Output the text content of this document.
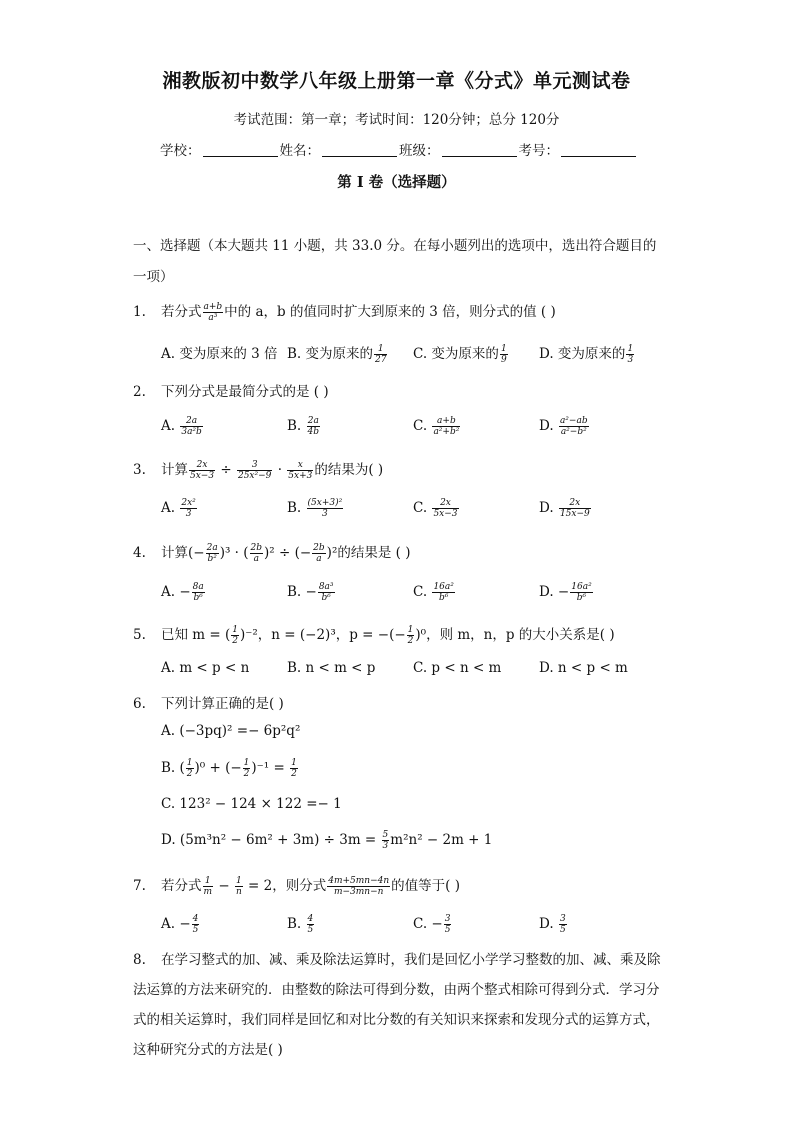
湘教版初中数学八年级上册第一章《分式》单元测试卷
考试范围：第一章；考试时间：120分钟；总分 120分
学校：	姓名：	班级：	考号：
第 I 卷（选择题）
一、选择题（本大题共 11 小题，共 33.0 分。在每小题列出的选项中，选出符合题目的一项）
1. 若分式 $\frac{a+b}{\text{a³}}$ 中的 a，b 的值同时扩大到原来的 3 倍，则分式的值 ( )
A. 变为原来的 3 倍 B. 变为原来的 $\frac{1}{27} C$. 变为原来的 $\frac{1}{9} D$. 变为原来的 $\frac{1}{3}$
2. 下列分式是最简分式的是 ( )
A. $\frac{2a}{\text{3a²b}}$	B. $\frac{2a}{4b}$	C. $\frac{a+b}{\text{a²+b²}}$	D. $\frac{\text{a²−ab}}{\text{a²−b²}}$
3. 计算 $\frac{2x}{5x-3} \div \frac{3}{\text{25x²−9}} \cdot \frac{x}{5x+3}$ 的结果为( )
A. $\frac{\text{2x²}}{3}$	B. $\frac{\text{(5x+3)²}}{3}$	C. $\frac{2x}{5x-3}$	D. $\frac{2x}{15x-9}$
4. 计算(− $\frac{2a}{\text{b²}} )^3$ · ( $\frac{2b}{a} )^2$ ÷ (− $\frac{2b}{a} )^2$的结果是 ( )
A. − $\frac{8a}{\text{b⁶}}$	B. − $\frac{\text{8a³}}{\text{b⁶}}$	C. $\frac{\text{16a²}}{\text{b⁶}}$	D. − $\frac{\text{16a²}}{\text{b⁶}}$
5. 已知 m = ( $\frac{1}{2} )^{-2}$，n = (−2)³，p = −(− $\frac{1}{2} )^0$，则 m，n，p 的大小关系是( )
A. m < p < n	B. n < m < p	C. p < n < m	D. n < p < m
6. 下列计算正确的是( )
A. (−3pq)² =− 6p²q²
B. ( $\frac{1}{2} )^0$ + (− $\frac{1}{2} )^{-1} = \frac{1}{2}$
C. 123² − 124 × 122 =− 1
D. $(5m^3n^2 - 6m^2 + 3m) \div 3m = \frac{5}{3} m^2n^2 - 2m + 1$
7. 若分式 $\frac{1}{m} - \frac{1}{n} = 2$，则分式 $\frac{4m+5mn-4n}{m-3mn-n}$ 的值等于( )
A. − $\frac{4}{5}$	B. $\frac{4}{5}$	C. − $\frac{3}{5}$	D. $\frac{3}{5}$
8. 在学习整式的加、减、乘及除法运算时，我们是回忆小学学习整数的加、减、乘及除法运算的方法来研究的．由整数的除法可得到分数，由两个整式相除可得到分式．学习分式的相关运算时，我们同样是回忆和对比分数的有关知识来探索和发现分式的运算方式，这种研究分式的方法是( )
